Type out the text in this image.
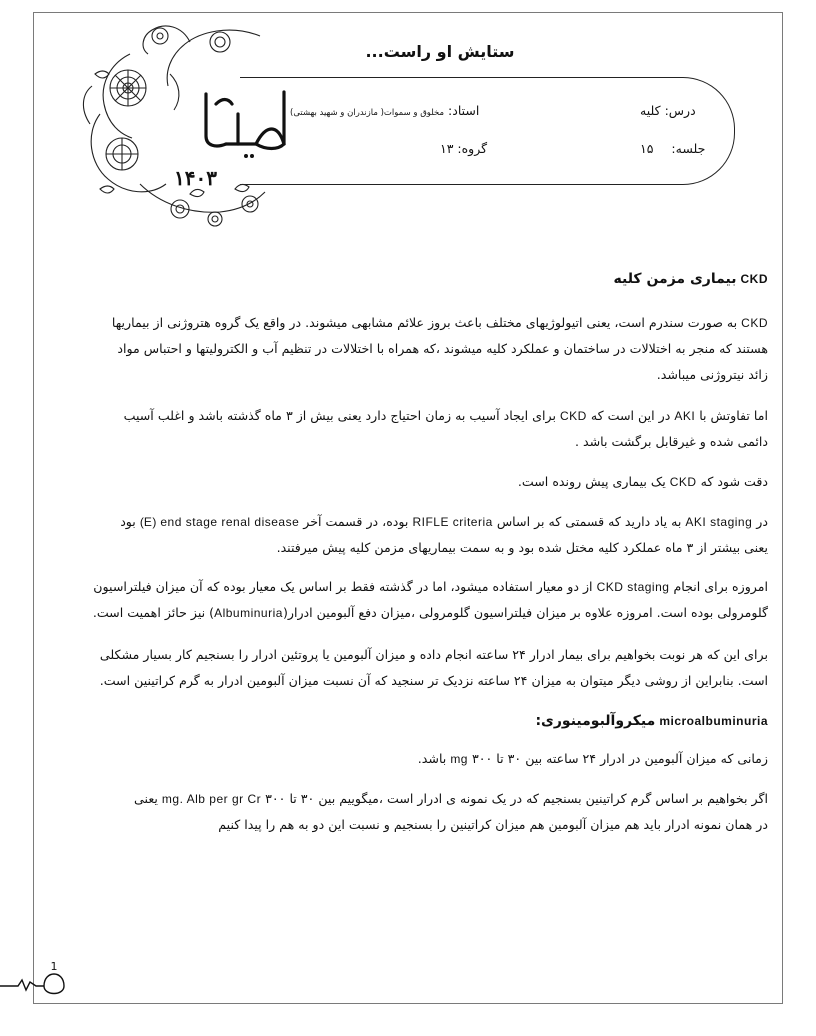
۱۴۰۳
ستایش او راست...
درس: کلیه
استاد: مخلوق و سموات( مازندران و شهید بهشتی)
جلسه: ۱۵
گروه: ۱۳
CKD بیماری مزمن کلیه
CKD به صورت سندرم است، یعنی اتیولوژیهای مختلف باعث بروز علائم مشابهی میشوند. در واقع یک گروه هتروژنی از بیماریها
هستند که منجر به اختلالات در ساختمان و عملکرد کلیه میشوند ،که همراه با اختلالات در تنظیم آب و الکترولیتها و احتباس مواد
زائد نیتروژنی میباشد.
اما تفاوتش با AKI در این است که CKD برای ایجاد آسیب به زمان احتیاج دارد یعنی بیش از ۳ ماه گذشته باشد و اغلب آسیب
دائمی شده و غیرقابل برگشت باشد .
دقت شود که CKD یک بیماری پیش رونده است.
در AKI staging به یاد دارید که قسمتی که بر اساس RIFLE criteria بوده، در قسمت آخر (E) end stage renal disease بود
یعنی بیشتر از ۳ ماه عملکرد کلیه مختل شده بود و به سمت بیماریهای مزمن کلیه پیش میرفتند.
امروزه برای انجام CKD staging از دو معیار استفاده میشود، اما در گذشته فقط بر اساس یک معیار بوده که آن میزان فیلتراسیون
گلومرولی بوده است. امروزه علاوه بر میزان فیلتراسیون گلومرولی ،میزان دفع آلبومین ادرار(Albuminuria) نیز حائز اهمیت است.
برای این که هر نوبت بخواهیم برای بیمار ادرار ۲۴ ساعته انجام داده و میزان آلبومین یا پروتئین ادرار را بسنجیم کار بسیار مشکلی
است. بنابراین از روشی دیگر میتوان به میزان ۲۴ ساعته نزدیک تر سنجید که آن نسبت میزان آلبومین ادرار به گرم کراتینین است.
microalbuminuria میکروآلبومینوری:
زمانی که میزان آلبومین در ادرار ۲۴ ساعته بین ۳۰ تا ۳۰۰ mg باشد.
اگر بخواهیم بر اساس گرم کراتینین بسنجیم که در یک نمونه ی ادرار است ،میگوییم بین ۳۰ تا ۳۰۰ mg. Alb per gr Cr یعنی
در همان نمونه ادرار باید هم میزان آلبومین هم میزان کراتینین را بسنجیم و نسبت این دو به هم را پیدا کنیم
1
